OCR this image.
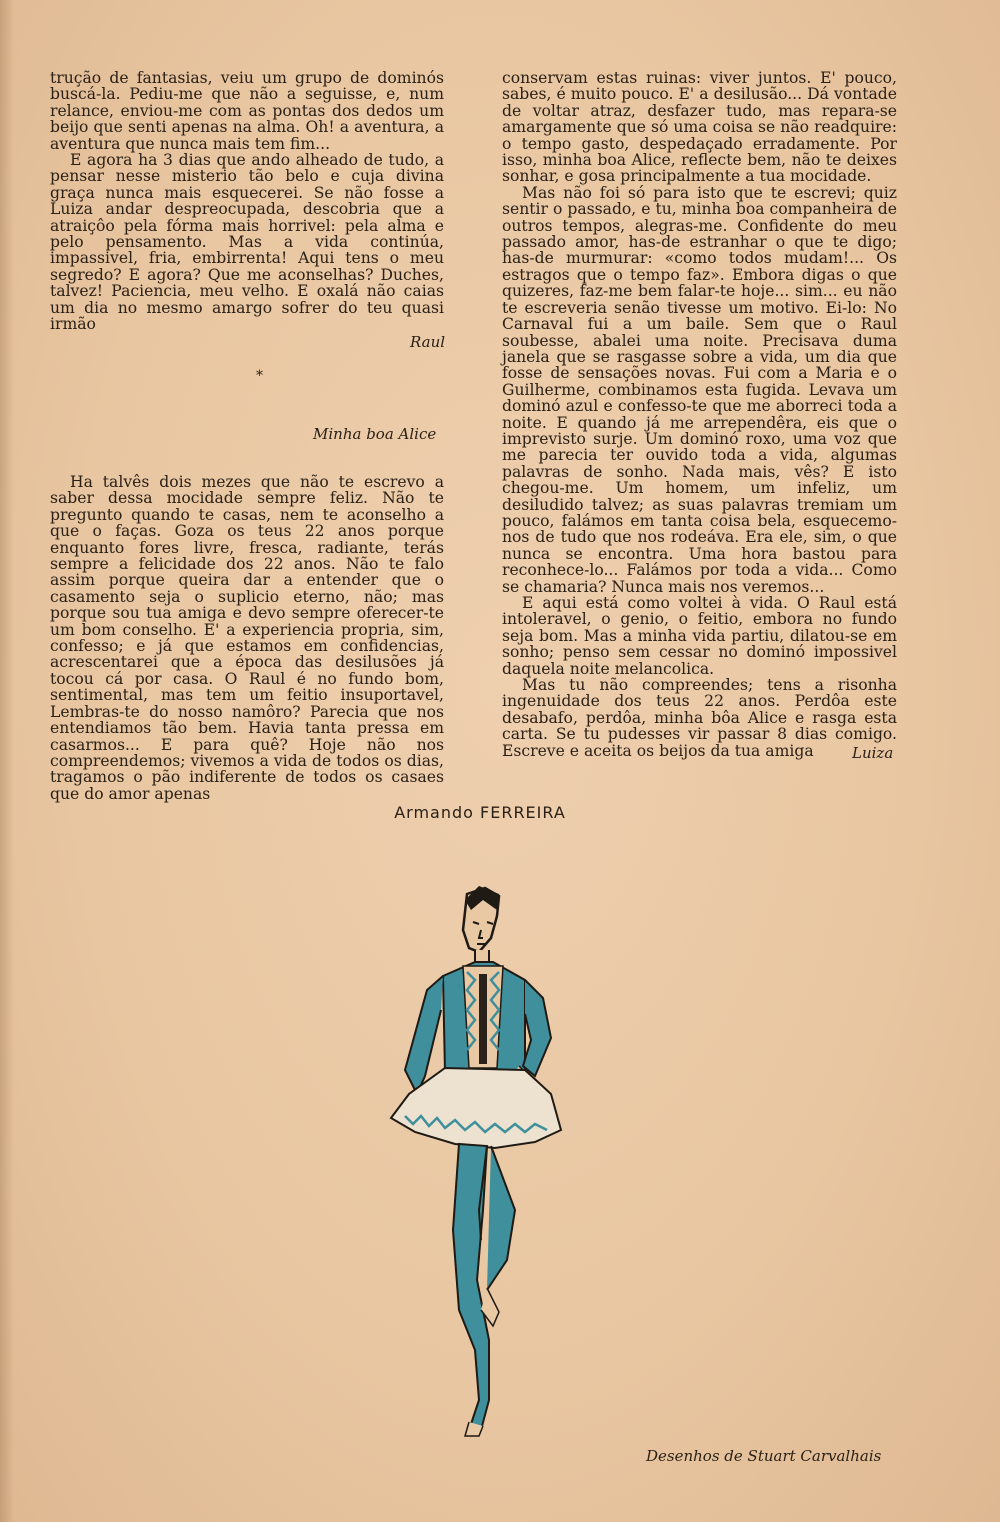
trução de fantasias, veiu um grupo de dominós buscá-la. Pediu-me que não a seguisse, e, num relance, enviou-me com as pontas dos dedos um beijo que senti apenas na alma. Oh! a aventura, a aventura que nunca mais tem fim...

E agora ha 3 dias que ando alheado de tudo, a pensar nesse misterio tão belo e cuja divina graça nunca mais esquecerei. Se não fosse a Luiza andar despreocupada, descobria que a atraiçôo pela fórma mais horrivel: pela alma e pelo pensamento. Mas a vida continúa, impassivel, fria, embirrenta! Aqui tens o meu segredo? E agora? Que me aconselhas? Duches, talvez! Paciencia, meu velho. E oxalá não caias um dia no mesmo amargo sofrer do teu quasi irmão

Raul
*
Minha boa Alice

Ha talvês dois mezes que não te escrevo a saber dessa mocidade sempre feliz. Não te pregunto quando te casas, nem te aconselho a que o faças. Goza os teus 22 anos porque enquanto fores livre, fresca, radiante, terás sempre a felicidade dos 22 anos. Não te falo assim porque queira dar a entender que o casamento seja o suplicio eterno, não; mas porque sou tua amiga e devo sempre oferecer-te um bom conselho. E' a experiencia propria, sim, confesso; e já que estamos em confidencias, acrescentarei que a época das desilusões já tocou cá por casa. O Raul é no fundo bom, sentimental, mas tem um feitio insuportavel, Lembras-te do nosso namôro? Parecia que nos entendiamos tão bem. Havia tanta pressa em casarmos... E para quê? Hoje não nos compreendemos; vivemos a vida de todos os dias, tragamos o pão indiferente de todos os casaes que do amor apenas

conservam estas ruinas: viver juntos. E' pouco, sabes, é muito pouco. E' a desilusão... Dá vontade de voltar atraz, desfazer tudo, mas repara-se amargamente que só uma coisa se não readquire: o tempo gasto, despedaçado erradamente. Por isso, minha boa Alice, reflecte bem, não te deixes sonhar, e gosa principalmente a tua mocidade.

Mas não foi só para isto que te escrevi; quiz sentir o passado, e tu, minha boa companheira de outros tempos, alegras-me. Confidente do meu passado amor, has-de estranhar o que te digo; has-de murmurar: «como todos mudam!... Os estragos que o tempo faz». Embora digas o que quizeres, faz-me bem falar-te hoje... sim... eu não te escreveria senão tivesse um motivo. Ei-lo: No Carnaval fui a um baile. Sem que o Raul soubesse, abalei uma noite. Precisava duma janela que se rasgasse sobre a vida, um dia que fosse de sensações novas. Fui com a Maria e o Guilherme, combinamos esta fugida. Levava um dominó azul e confesso-te que me aborreci toda a noite. E quando já me arrependêra, eis que o imprevisto surje. Um dominó roxo, uma voz que me parecia ter ouvido toda a vida, algumas palavras de sonho. Nada mais, vês? E isto chegou-me. Um homem, um infeliz, um desiludido talvez; as suas palavras tremiam um pouco, falámos em tanta coisa bela, esquecemo-nos de tudo que nos rodeáva. Era ele, sim, o que nunca se encontra. Uma hora bastou para reconhece-lo... Falámos por toda a vida... Como se chamaria? Nunca mais nos veremos...

E aqui está como voltei à vida. O Raul está intoleravel, o genio, o feitio, embora no fundo seja bom. Mas a minha vida partiu, dilatou-se em sonho; penso sem cessar no dominó impossivel daquela noite melancolica.

Mas tu não compreendes; tens a risonha ingenuidade dos teus 22 anos. Perdôa este desabafo, perdôa, minha bôa Alice e rasga esta carta. Se tu pudesses vir passar 8 dias comigo. Escreve e aceita os beijos da tua amiga	Luiza
Armando FERREIRA
Desenhos de Stuart Carvalhais
